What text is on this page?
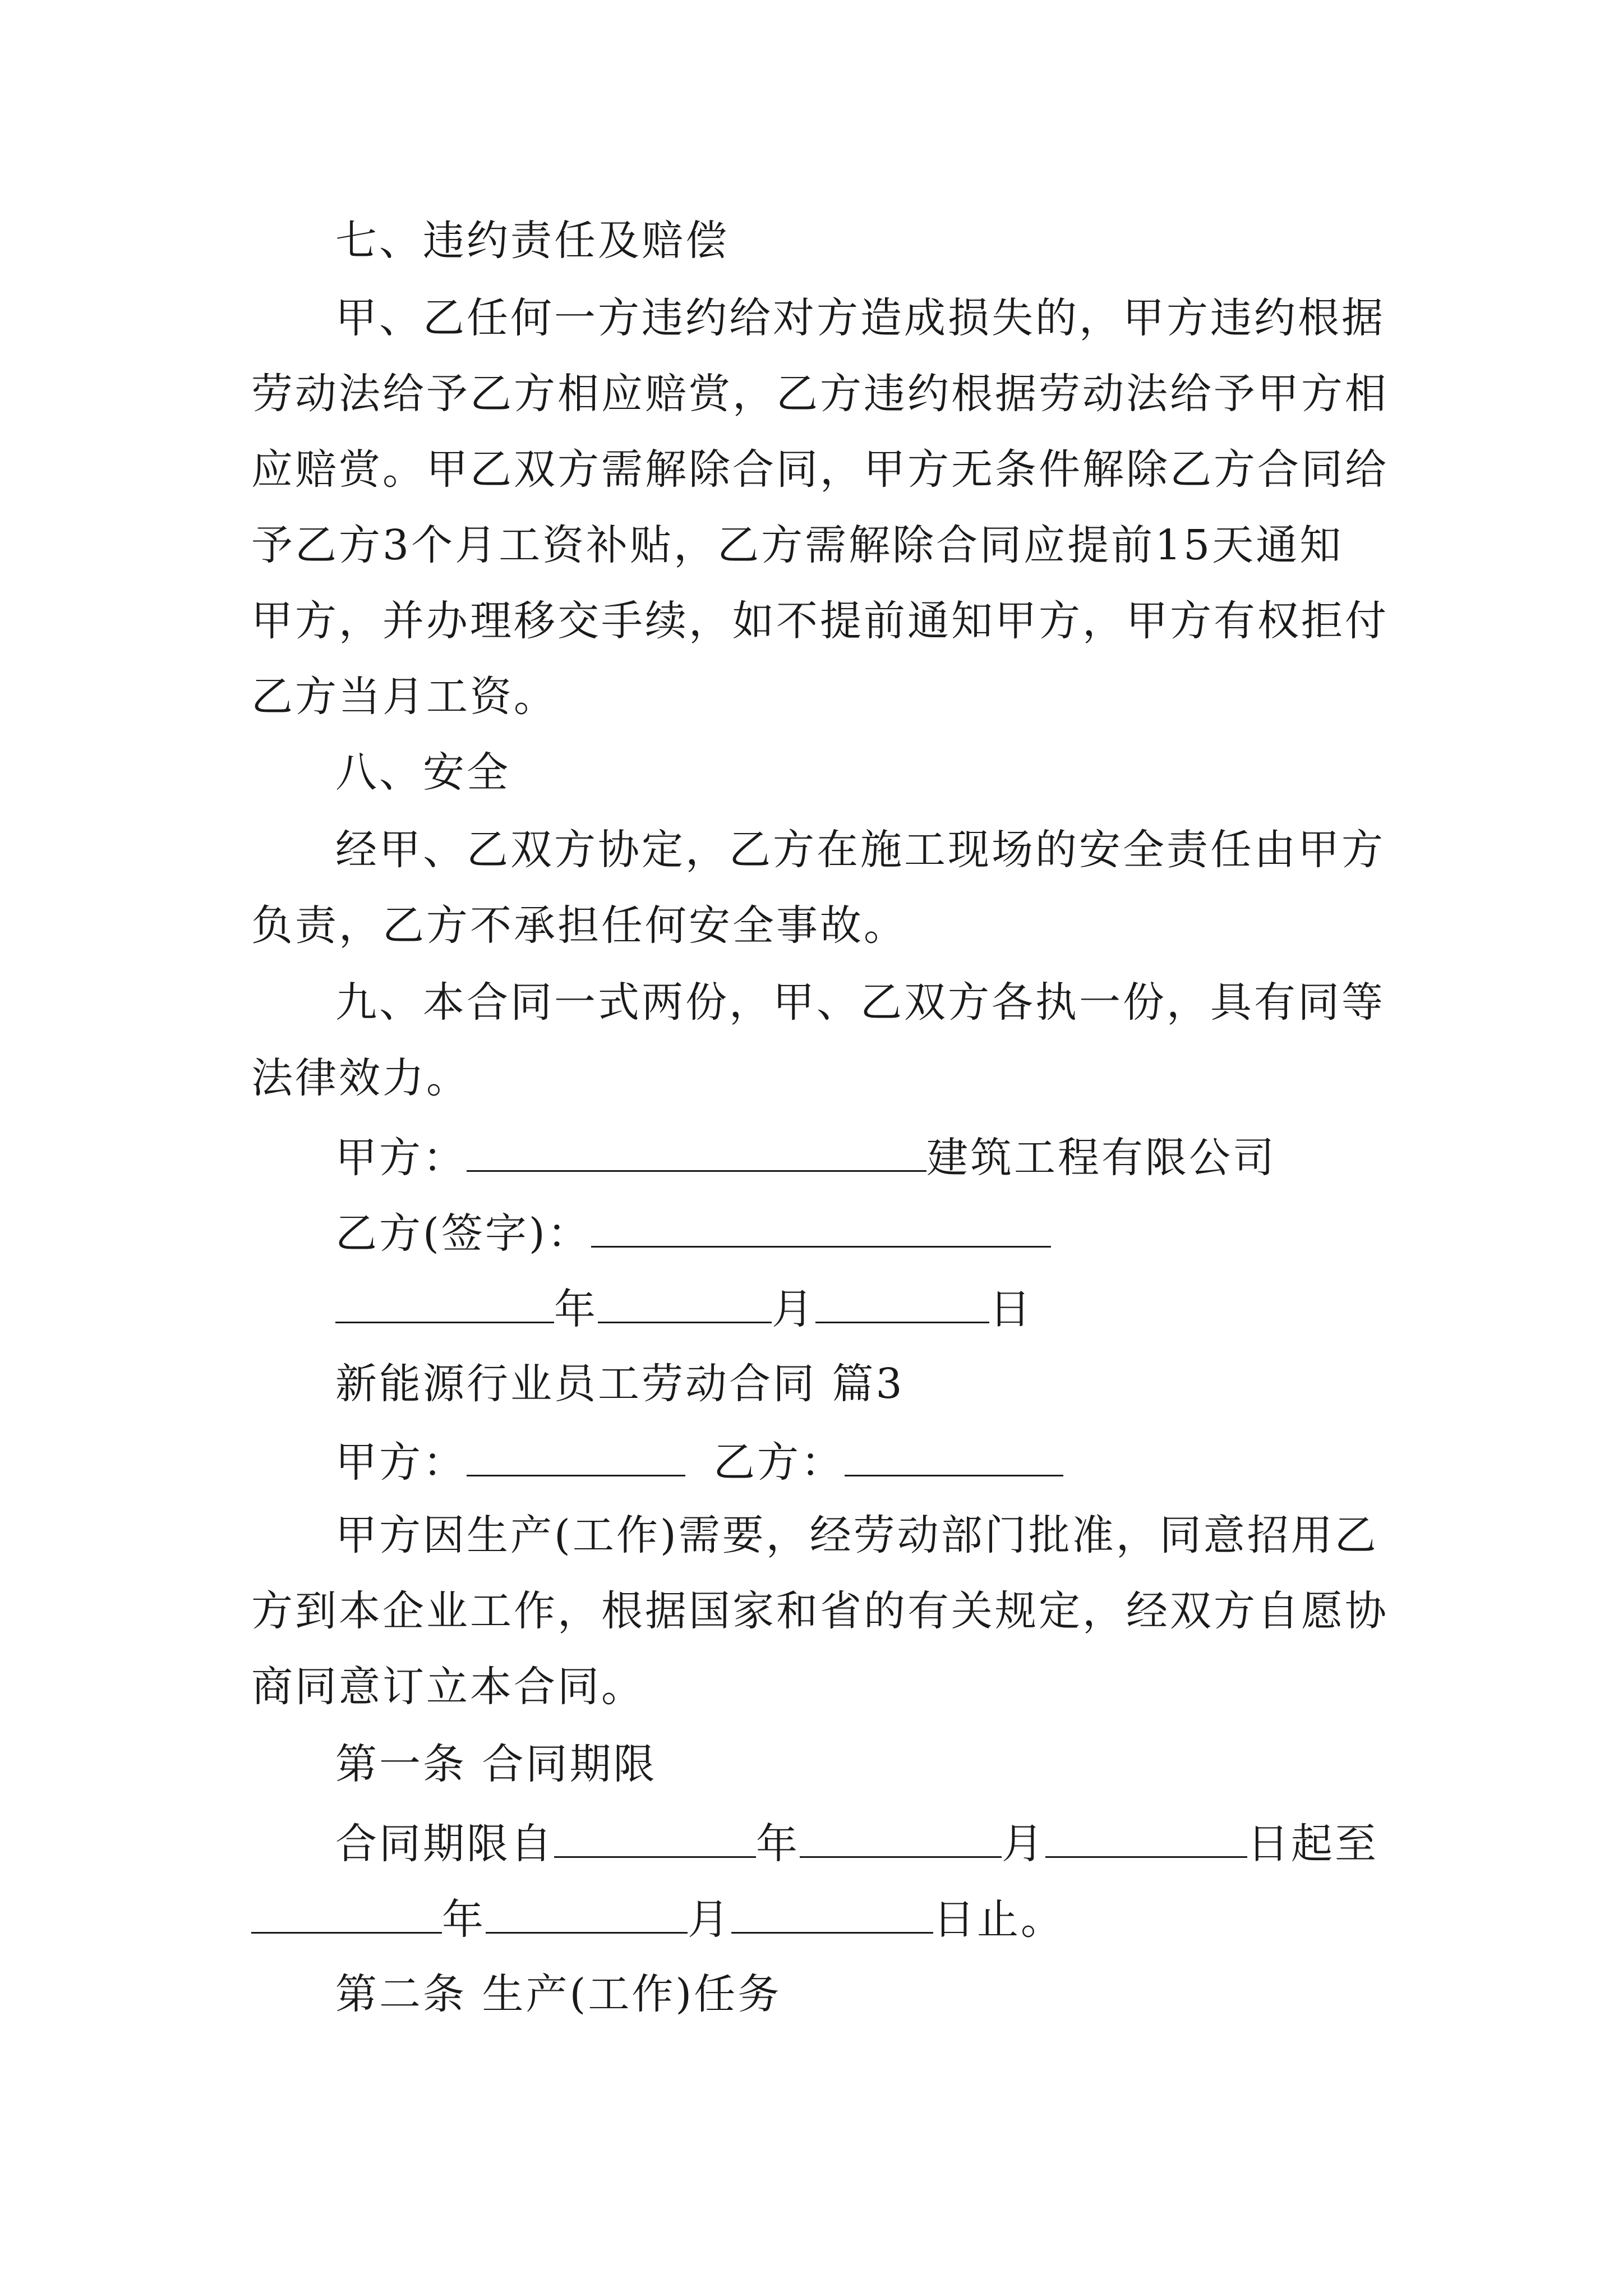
七、违约责任及赔偿
甲、乙任何一方违约给对方造成损失的，甲方违约根据
劳动法给予乙方相应赔赏，乙方违约根据劳动法给予甲方相
应赔赏。甲乙双方需解除合同，甲方无条件解除乙方合同给
予乙方3个月工资补贴，乙方需解除合同应提前15天通知
甲方，并办理移交手续，如不提前通知甲方，甲方有权拒付
乙方当月工资。
八、安全
经甲、乙双方协定，乙方在施工现场的安全责任由甲方
负责，乙方不承担任何安全事故。
九、本合同一式两份，甲、乙双方各执一份，具有同等
法律效力。
甲方：	建筑工程有限公司
乙方(签字)：
年	月	日
新能源行业员工劳动合同 篇3
甲方：	乙方：
甲方因生产(工作)需要，经劳动部门批准，同意招用乙
方到本企业工作，根据国家和省的有关规定，经双方自愿协
商同意订立本合同。
第一条 合同期限
合同期限自	年	月	日起至
年	月	日止。
第二条 生产(工作)任务
